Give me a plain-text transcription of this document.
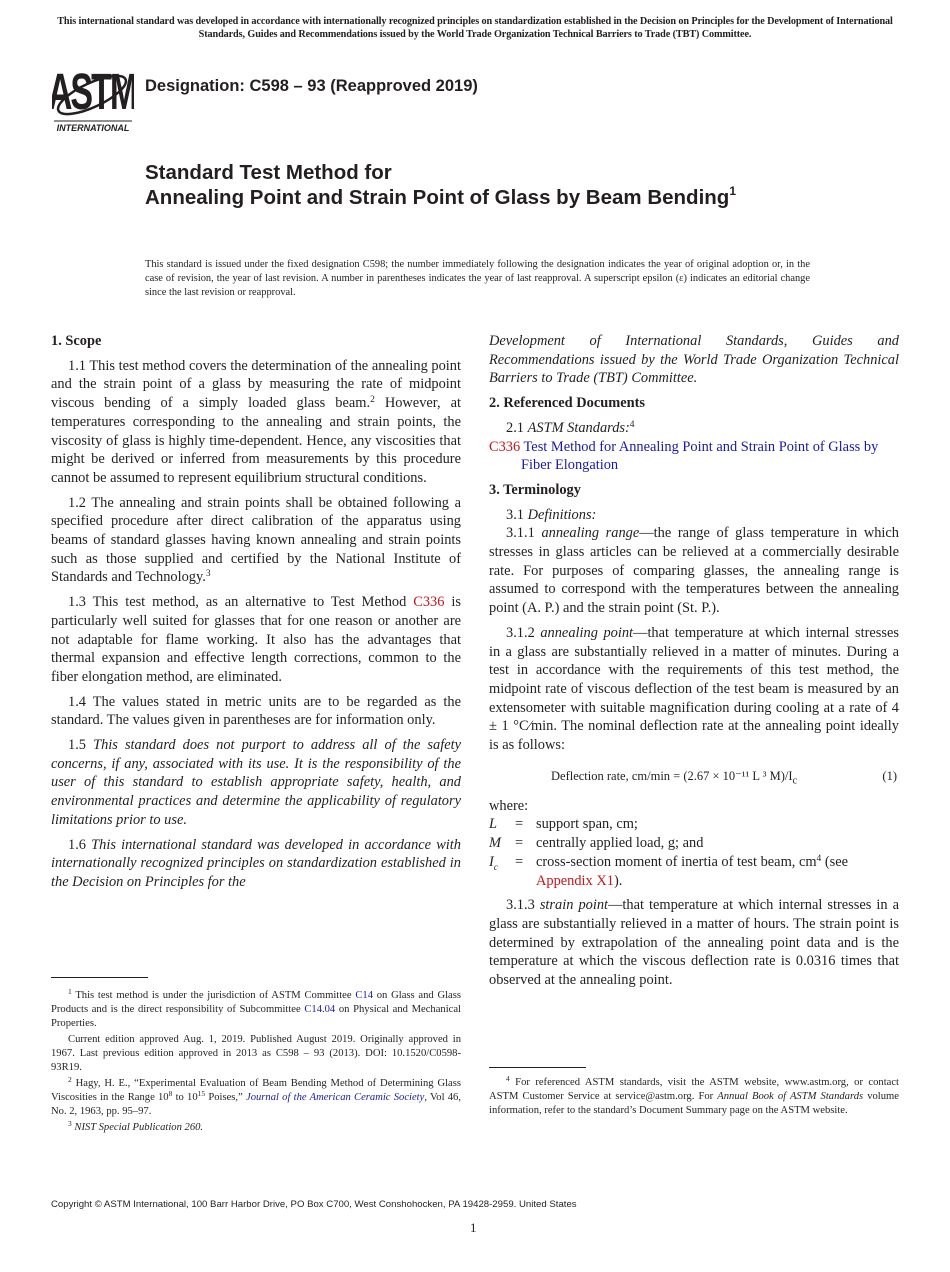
This international standard was developed in accordance with internationally recognized principles on standardization established in the Decision on Principles for the Development of International Standards, Guides and Recommendations issued by the World Trade Organization Technical Barriers to Trade (TBT) Committee.
ASTM
INTERNATIONAL
Designation: C598 – 93 (Reapproved 2019)
Standard Test Method for
Annealing Point and Strain Point of Glass by Beam Bending$^1$
This standard is issued under the fixed designation C598; the number immediately following the designation indicates the year of original adoption or, in the case of revision, the year of last revision. A number in parentheses indicates the year of last reapproval. A superscript epsilon (ε) indicates an editorial change since the last revision or reapproval.
1. Scope

1.1 This test method covers the determination of the annealing point and the strain point of a glass by measuring the rate of midpoint viscous bending of a simply loaded glass beam.$^2$ However, at temperatures corresponding to the annealing and strain points, the viscosity of glass is highly time-dependent. Hence, any viscosities that might be derived or inferred from measurements by this procedure cannot be assumed to represent equilibrium structural conditions.

1.2 The annealing and strain points shall be obtained following a specified procedure after direct calibration of the apparatus using beams of standard glasses having known annealing and strain points such as those supplied and certified by the National Institute of Standards and Technology.$^3$

1.3 This test method, as an alternative to Test Method C336 is particularly well suited for glasses that for one reason or another are not adaptable for flame working. It also has the advantages that thermal expansion and effective length corrections, common to the fiber elongation method, are eliminated.

1.4 The values stated in metric units are to be regarded as the standard. The values given in parentheses are for information only.

1.5 This standard does not purport to address all of the safety concerns, if any, associated with its use. It is the responsibility of the user of this standard to establish appropriate safety, health, and environmental practices and determine the applicability of regulatory limitations prior to use.

1.6 This international standard was developed in accordance with internationally recognized principles on standardization established in the Decision on Principles for the

$^1$ This test method is under the jurisdiction of ASTM Committee C14 on Glass and Glass Products and is the direct responsibility of Subcommittee C14.04 on Physical and Mechanical Properties.

Current edition approved Aug. 1, 2019. Published August 2019. Originally approved in 1967. Last previous edition approved in 2013 as C598 – 93 (2013). DOI: 10.1520/C0598-93R19.

$^2$ Hagy, H. E., “Experimental Evaluation of Beam Bending Method of Determining Glass Viscosities in the Range $10^8$ to $10^{15}$ Poises,” Journal of the American Ceramic Society, Vol 46, No. 2, 1963, pp. 95–97.

$^3$ NIST Special Publication 260.

Development of International Standards, Guides and Recommendations issued by the World Trade Organization Technical Barriers to Trade (TBT) Committee.

2. Referenced Documents

2.1 ASTM Standards:$^4$

C336 Test Method for Annealing Point and Strain Point of Glass by Fiber Elongation
3. Terminology

3.1 Definitions:

3.1.1 annealing range—the range of glass temperature in which stresses in glass articles can be relieved at a commercially desirable rate. For purposes of comparing glasses, the annealing range is assumed to correspond with the temperatures between the annealing point (A. P.) and the strain point (St. P.).

3.1.2 annealing point—that temperature at which internal stresses in a glass are substantially relieved in a matter of minutes. During a test in accordance with the requirements of this test method, the midpoint rate of viscous deflection of the test beam is measured by an extensometer with suitable magnification during cooling at a rate of 4 ± 1 °C∕min. The nominal deflection rate at the annealing point ideally is as follows:

Deflection rate, cm/min = (2.67 × 10⁻¹¹ L ³ $M)/I_c$	(1)
where:
L	= support span, cm;
M = centrally applied load, g; and
$I_c$	= cross-section moment of inertia of test beam, $cm^4$ (see Appendix X1).

3.1.3 strain point—that temperature at which internal stresses in a glass are substantially relieved in a matter of hours. The strain point is determined by extrapolation of the annealing point data and is the temperature at which the viscous deflection rate is 0.0316 times that observed at the annealing point.

$^4$ For referenced ASTM standards, visit the ASTM website, www.astm.org, or contact ASTM Customer Service at service@astm.org. For Annual Book of ASTM Standards volume information, refer to the standard’s Document Summary page on the ASTM website.

Copyright © ASTM International, 100 Barr Harbor Drive, PO Box C700, West Conshohocken, PA 19428-2959. United States
1
